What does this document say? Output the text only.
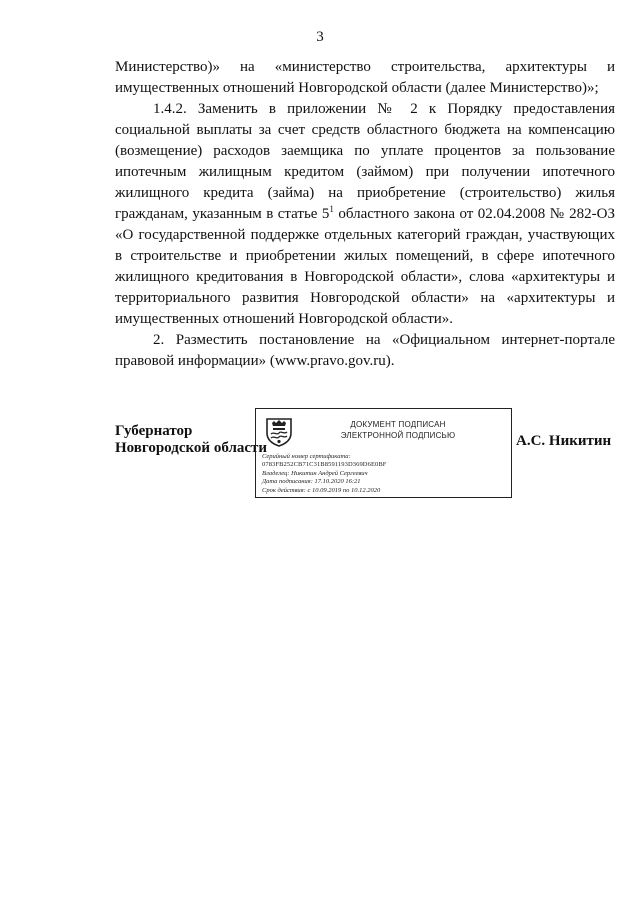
3

Министерство)» на «министерство строительства, архитектуры и

имущественных отношений Новгородской области (далее Министерство)»;

1.4.2. Заменить в приложении № 2 к Порядку предоставления социальной выплаты за счет средств областного бюджета на компенсацию (возмещение) расходов заемщика по уплате процентов за пользование ипотечным жилищным кредитом (займом) при получении ипотечного жилищного кредита (займа) на приобретение (строительство) жилья гражданам, указанным в статье $5^1$ областного закона от 02.04.2008 № 282-ОЗ «О государственной поддержке отдельных категорий граждан, участвующих в строительстве и приобретении жилых помещений, в сфере ипотечного жилищного кредитования в Новгородской области», слова «архитектуры и территориального развития Новгородской области» на «архитектуры и имущественных отношений Новгородской области».

2. Разместить постановление на «Официальном интернет-портале правовой информации» (www.pravo.gov.ru).

Губернатор
Новгородской области
ДОКУМЕНТ ПОДПИСАН
ЭЛЕКТРОННОЙ ПОДПИСЬЮ
Серийный номер сертификата:
0783FB252CB71C31B8591193D369D6E0BF
Владелец: Никитин Андрей Сергеевич
Дата подписания: 17.10.2020 16:21
Срок действия: с 10.09.2019 по 10.12.2020
А.С. Никитин
